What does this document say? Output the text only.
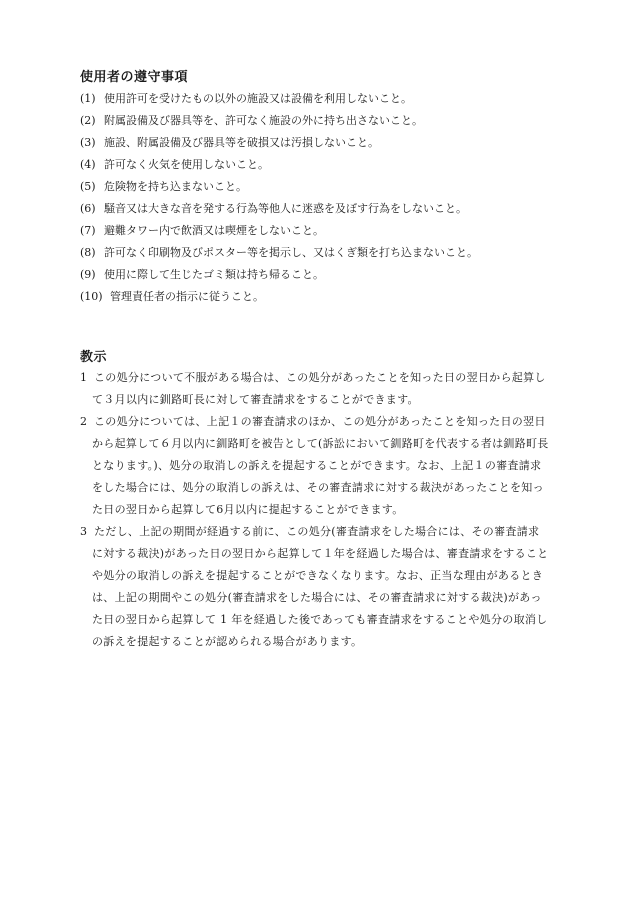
使用者の遵守事項
(1) 使用許可を受けたもの以外の施設又は設備を利用しないこと。
(2) 附属設備及び器具等を、許可なく施設の外に持ち出さないこと。
(3) 施設、附属設備及び器具等を破損又は汚損しないこと。
(4) 許可なく火気を使用しないこと。
(5) 危険物を持ち込まないこと。
(6) 騒音又は大きな音を発する行為等他人に迷惑を及ぼす行為をしないこと。
(7) 避難タワー内で飲酒又は喫煙をしないこと。
(8) 許可なく印刷物及びポスター等を掲示し、又はくぎ類を打ち込まないこと。
(9) 使用に際して生じたゴミ類は持ち帰ること。
(10) 管理責任者の指示に従うこと。
教示
1 この処分について不服がある場合は、この処分があったことを知った日の翌日から起算し
て３月以内に釧路町長に対して審査請求をすることができます。
2 この処分については、上記１の審査請求のほか、この処分があったことを知った日の翌日
から起算して６月以内に釧路町を被告として(訴訟において釧路町を代表する者は釧路町長
となります。)、処分の取消しの訴えを提起することができます。なお、上記１の審査請求
をした場合には、処分の取消しの訴えは、その審査請求に対する裁決があったことを知っ
た日の翌日から起算して6月以内に提起することができます。
3 ただし、上記の期間が経過する前に、この処分(審査請求をした場合には、その審査請求
に対する裁決)があった日の翌日から起算して１年を経過した場合は、審査請求をすること
や処分の取消しの訴えを提起することができなくなります。なお、正当な理由があるとき
は、上記の期間やこの処分(審査請求をした場合には、その審査請求に対する裁決)があっ
た日の翌日から起算して 1 年を経過した後であっても審査請求をすることや処分の取消し
の訴えを提起することが認められる場合があります。
